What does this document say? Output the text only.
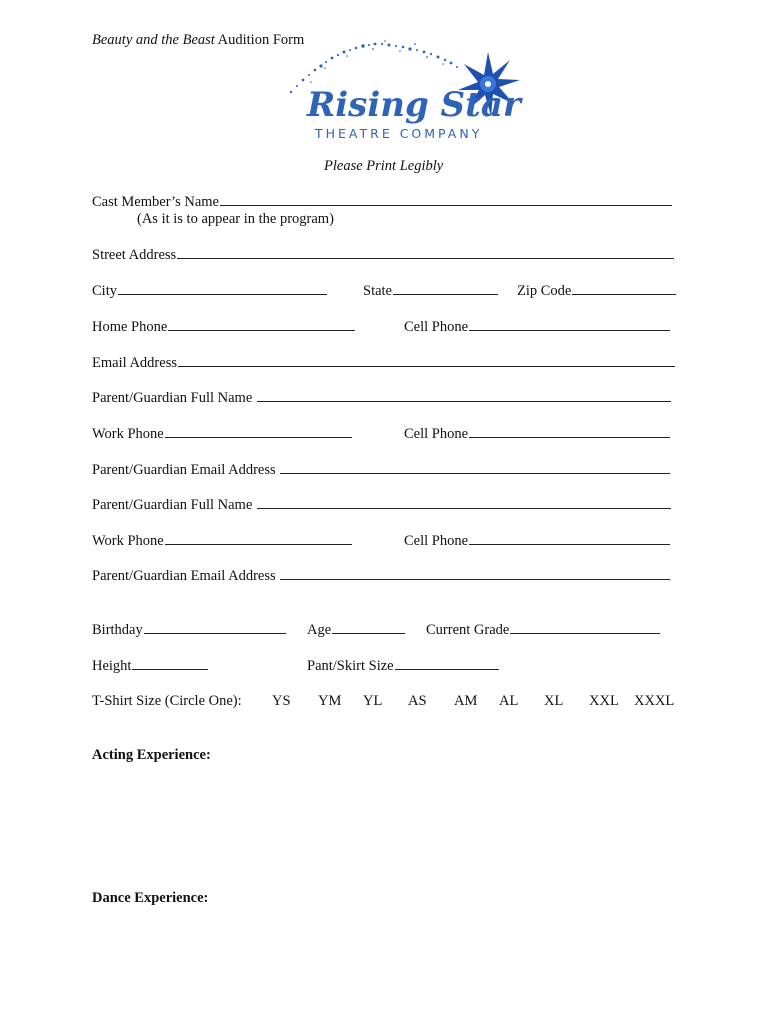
Beauty and the Beast Audition Form
Rising Star
THEATRE COMPANY
Please Print Legibly
Cast Member’s Name
(As it is to appear in the program)
Street Address
City	State	Zip Code
Home Phone	Cell Phone
Email Address
Parent/Guardian Full Name
Work Phone	Cell Phone
Parent/Guardian Email Address
Parent/Guardian Full Name
Work Phone	Cell Phone
Parent/Guardian Email Address
Birthday	Age	Current Grade
Height	Pant/Skirt Size
T-Shirt Size (Circle One): YS YM YL AS AM AL XL XXL XXXL
Acting Experience:
Dance Experience:
